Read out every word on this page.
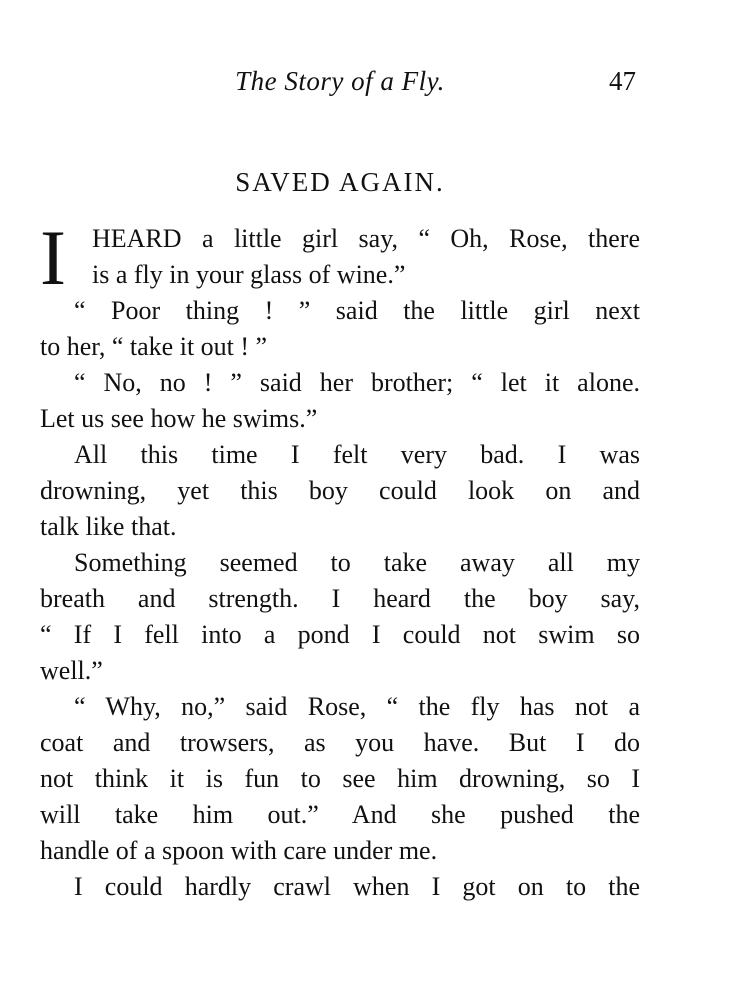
The Story of a Fly.	47
SAVED AGAIN.
I	HEARD a little girl say, “ Oh, Rose, there
is a fly in your glass of wine.”
“ Poor thing ! ” said the little girl next
to her, “ take it out ! ”
“ No, no ! ” said her brother; “ let it alone.
Let us see how he swims.”
All this time I felt very bad. I was
drowning, yet this boy could look on and
talk like that.
Something seemed to take away all my
breath and strength. I heard the boy say,
“ If I fell into a pond I could not swim so
well.”
“ Why, no,” said Rose, “ the fly has not a
coat and trowsers, as you have. But I do
not think it is fun to see him drowning, so I
will take him out.” And she pushed the
handle of a spoon with care under me.
I could hardly crawl when I got on to the
